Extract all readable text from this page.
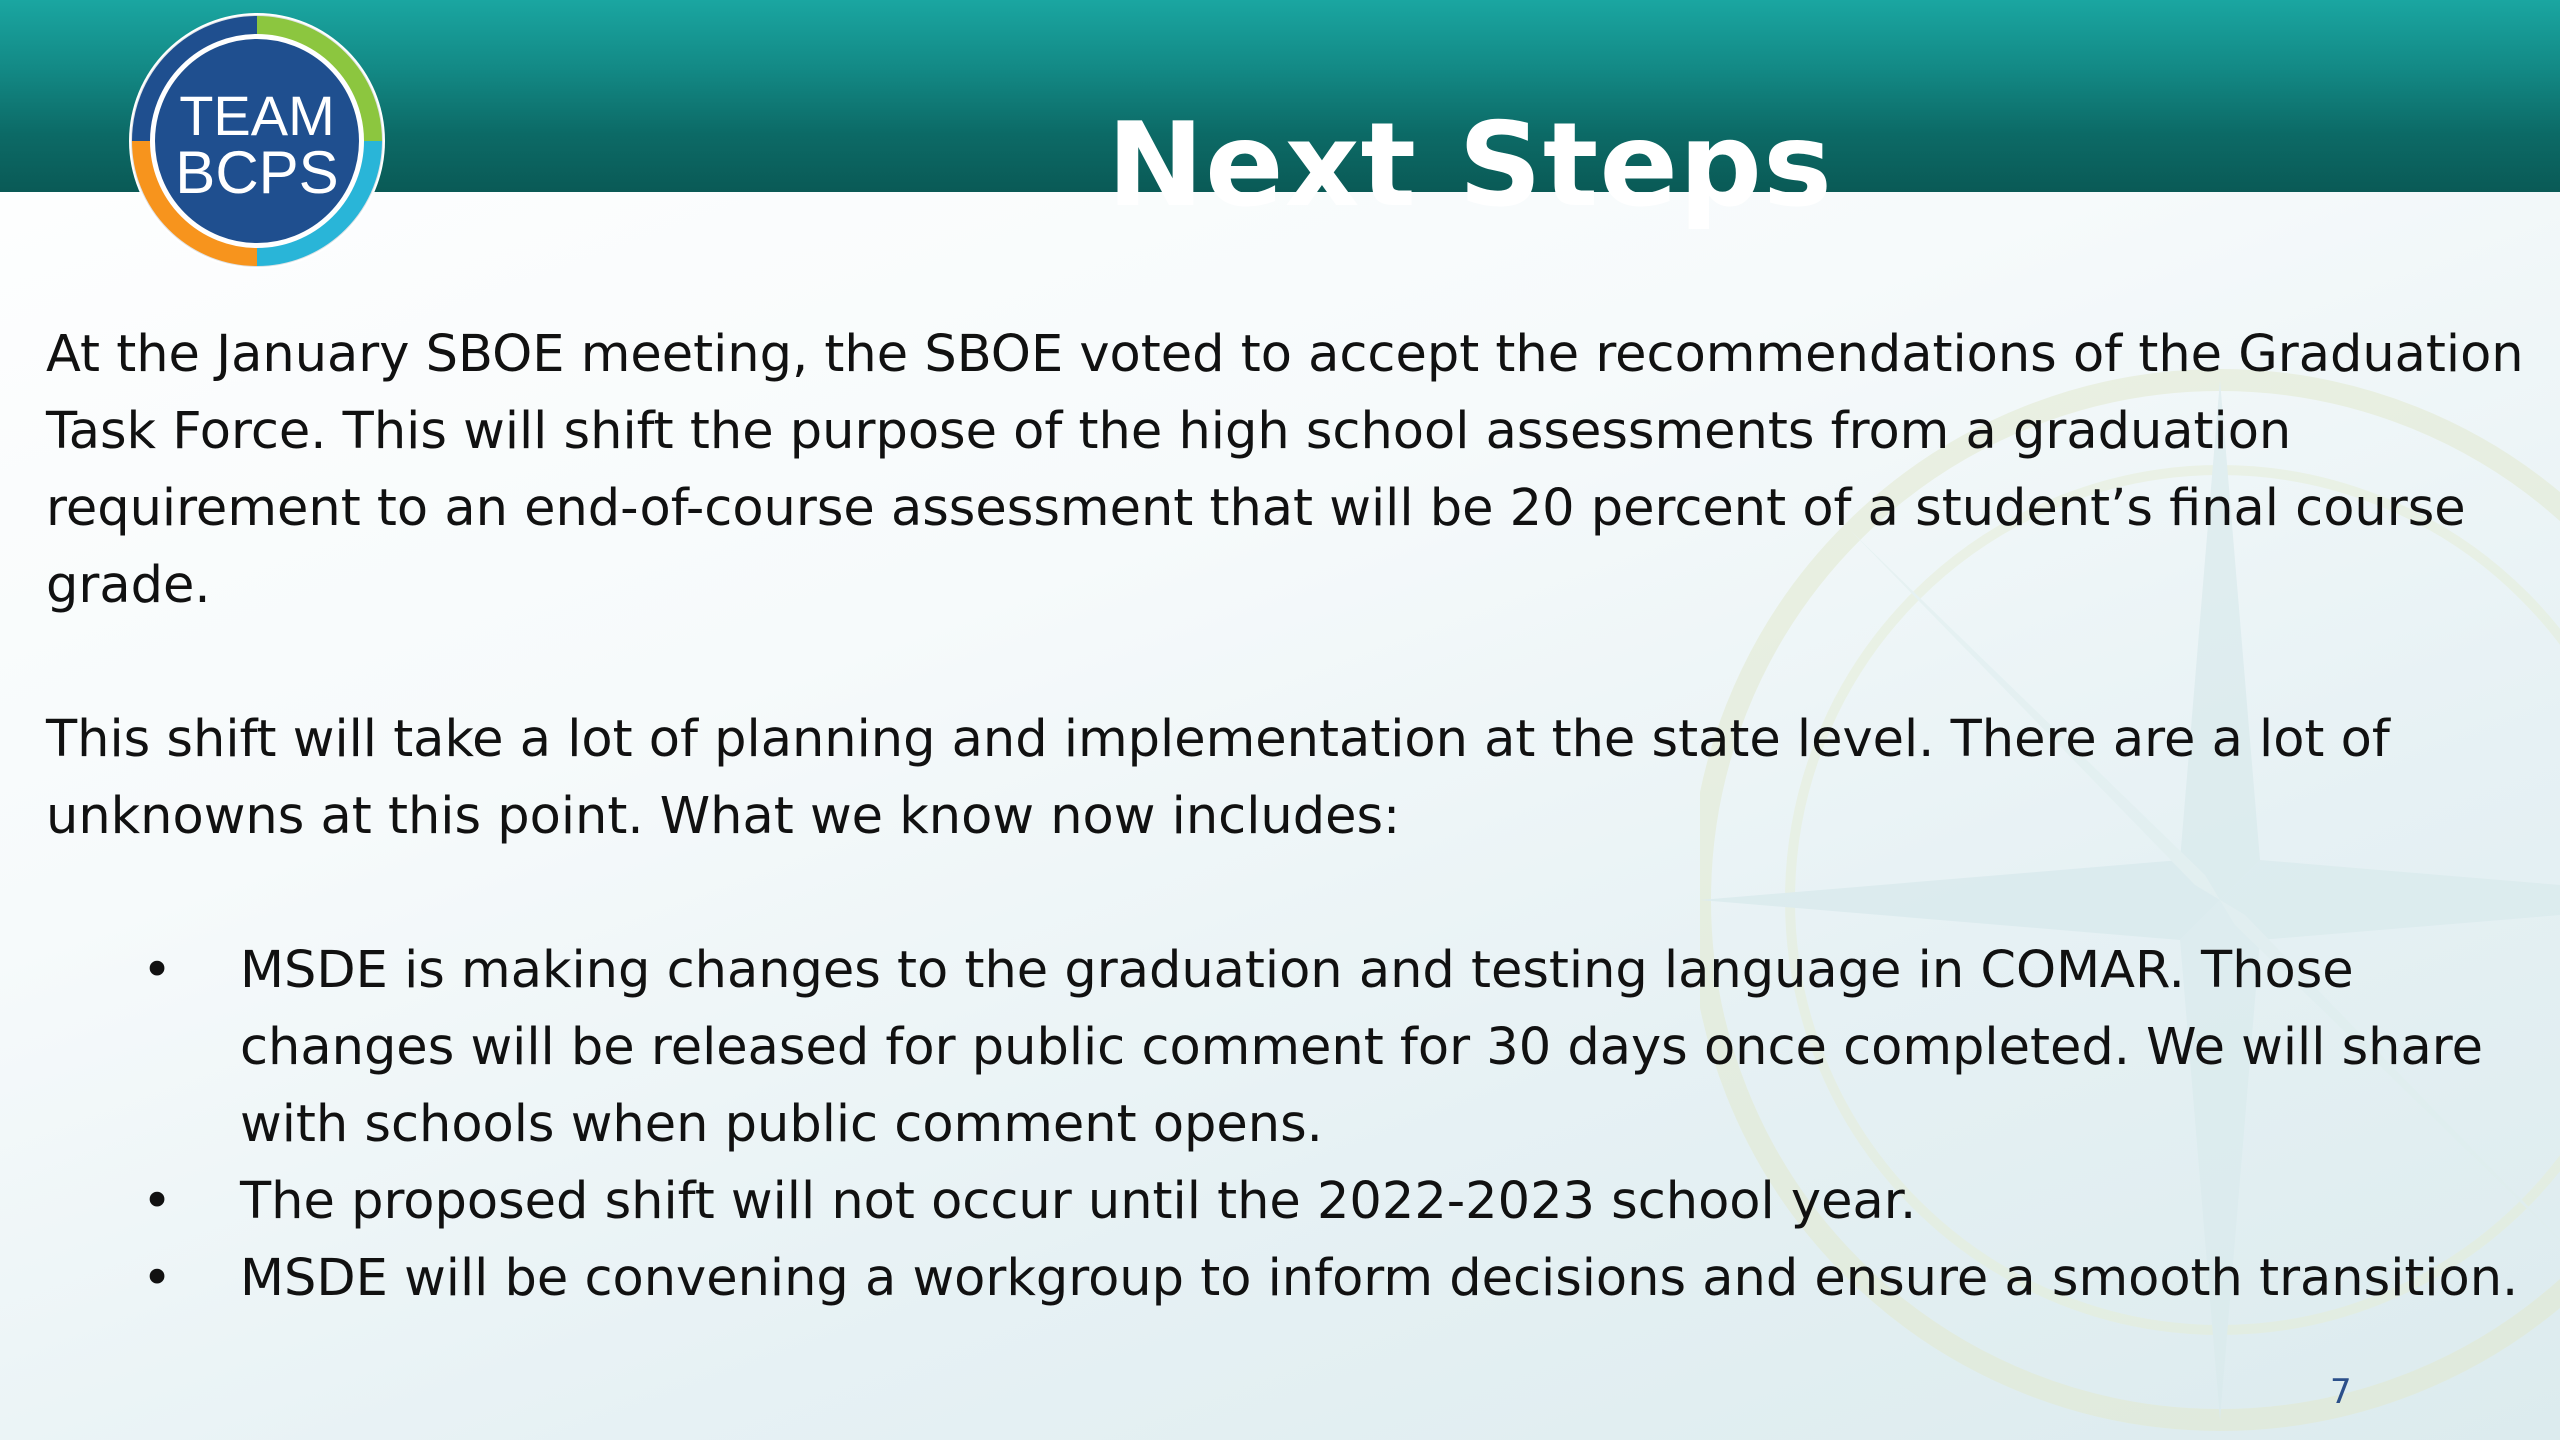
Next Steps
TEAM
BCPS

At the January SBOE meeting, the SBOE voted to accept the recommendations of the Graduation Task Force. This will shift the purpose of the high school assessments from a graduation requirement to an end-of-course assessment that will be 20 percent of a student’s final course grade.

This shift will take a lot of planning and implementation at the state level. There are a lot of unknowns at this point. What we know now includes:

• MSDE is making changes to the graduation and testing language in COMAR. Those changes will be released for public comment for 30 days once completed. We will share with schools when public comment opens.
• The proposed shift will not occur until the 2022-2023 school year.
• MSDE will be convening a workgroup to inform decisions and ensure a smooth transition.
7
